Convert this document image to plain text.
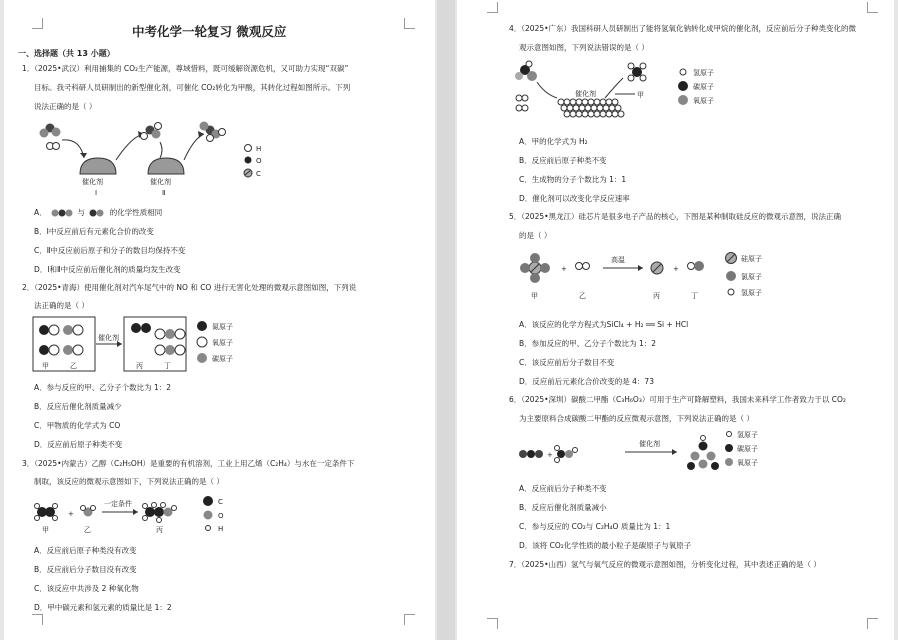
中考化学一轮复习 微观反应
一、选择题（共 13 小题）
1．（2025•武汉）利用捕集的 CO₂生产能源，尊域惜料，既可缓解资源危机，又可助力实现“双碳”
目标。我국科研人员研制出的新型催化剂，可催化 CO₂转化为甲酸，其转化过程如图所示。下列
说法正确的是（ ）
催化剂
Ⅰ
催化剂
Ⅱ
H
O
C
A．	与	的化学性质相同
B．Ⅰ中反应前后有元素化合价的改变
C．Ⅱ中反应前后原子和分子的数目均保持不变
D．Ⅰ和Ⅱ中反应前后催化剂的质量均发生改变
2．（2025•青海）使用催化剂对汽车尾气中的 NO 和 CO 进行无害化处理的微观示意图如图，下列说
法正确的是（ ）
甲	乙
催化剂
丙	丁
氮原子
氧原子
碳原子
A．参与反应的甲、乙分子个数比为 1：2
B．反应后催化剂质量减少
C．甲物质的化学式为 CO
D．反应前后原子种类不变
3．（2025•内蒙古）乙醇（C₂H₅OH）是重要的有机溶剂，工业上用乙烯（C₂H₄）与水在一定条件下
制取，该反应的微观示意图如下，下列说法正确的是（ ）
甲
+
乙
一定条件
丙
C
O
H
A．反应前后原子种类没有改变
B．反应前后分子数目没有改变
C．该反应中共涉及 2 种氧化物
D．甲中碳元素和氢元素的质量比是 1：2
4．（2025•广东）我国科研人员研制出了能将氢氧化钠转化成甲烷的催化剂，反应前后分子种类变化的微
观示意图如图，下列说法错误的是（ ）
催化剂	甲
氢原子
碳原子
氧原子
A．甲的化学式为 H₂
B．反应前后原子种类不变
C．生成物的分子个数比为 1：1
D．催化剂可以改变化学反应速率
5．（2025•黑龙江）硅芯片是很多电子产品的核心，下图是某种制取硅反应的微观示意图，说法正确
的是（ ）
甲
+
乙
高温
丙
+
丁
硅原子
氯原子
氢原子
A．该反应的化学方程式为SiCl₄ + H₂ ══ Si + HCl
B．参加反应的甲、乙分子个数比为 1：2
C．该反应前后分子数目不变
D．反应前后元素化合价改变的是 4：73
6．（2025•深圳）碳酸二甲酯（C₃H₆O₃）可用于生产可降解塑料，我国未来科学工作者致力于以 CO₂
为主要原料合成碳酸二甲酯的反应微观示意图，下列说法正确的是（ ）
+
催化剂
氢原子
碳原子
氧原子
A．反应前后分子种类不变
B．反应后催化剂质量减小
C．参与反应的 CO₂与 C₂H₄O 质量比为 1：1
D．该将 CO₂化学性质的最小粒子是碳原子与氧原子
7．（2025•山西）氢气与氧气反应的微观示意图如图，分析变化过程，其中表述正确的是（ ）
